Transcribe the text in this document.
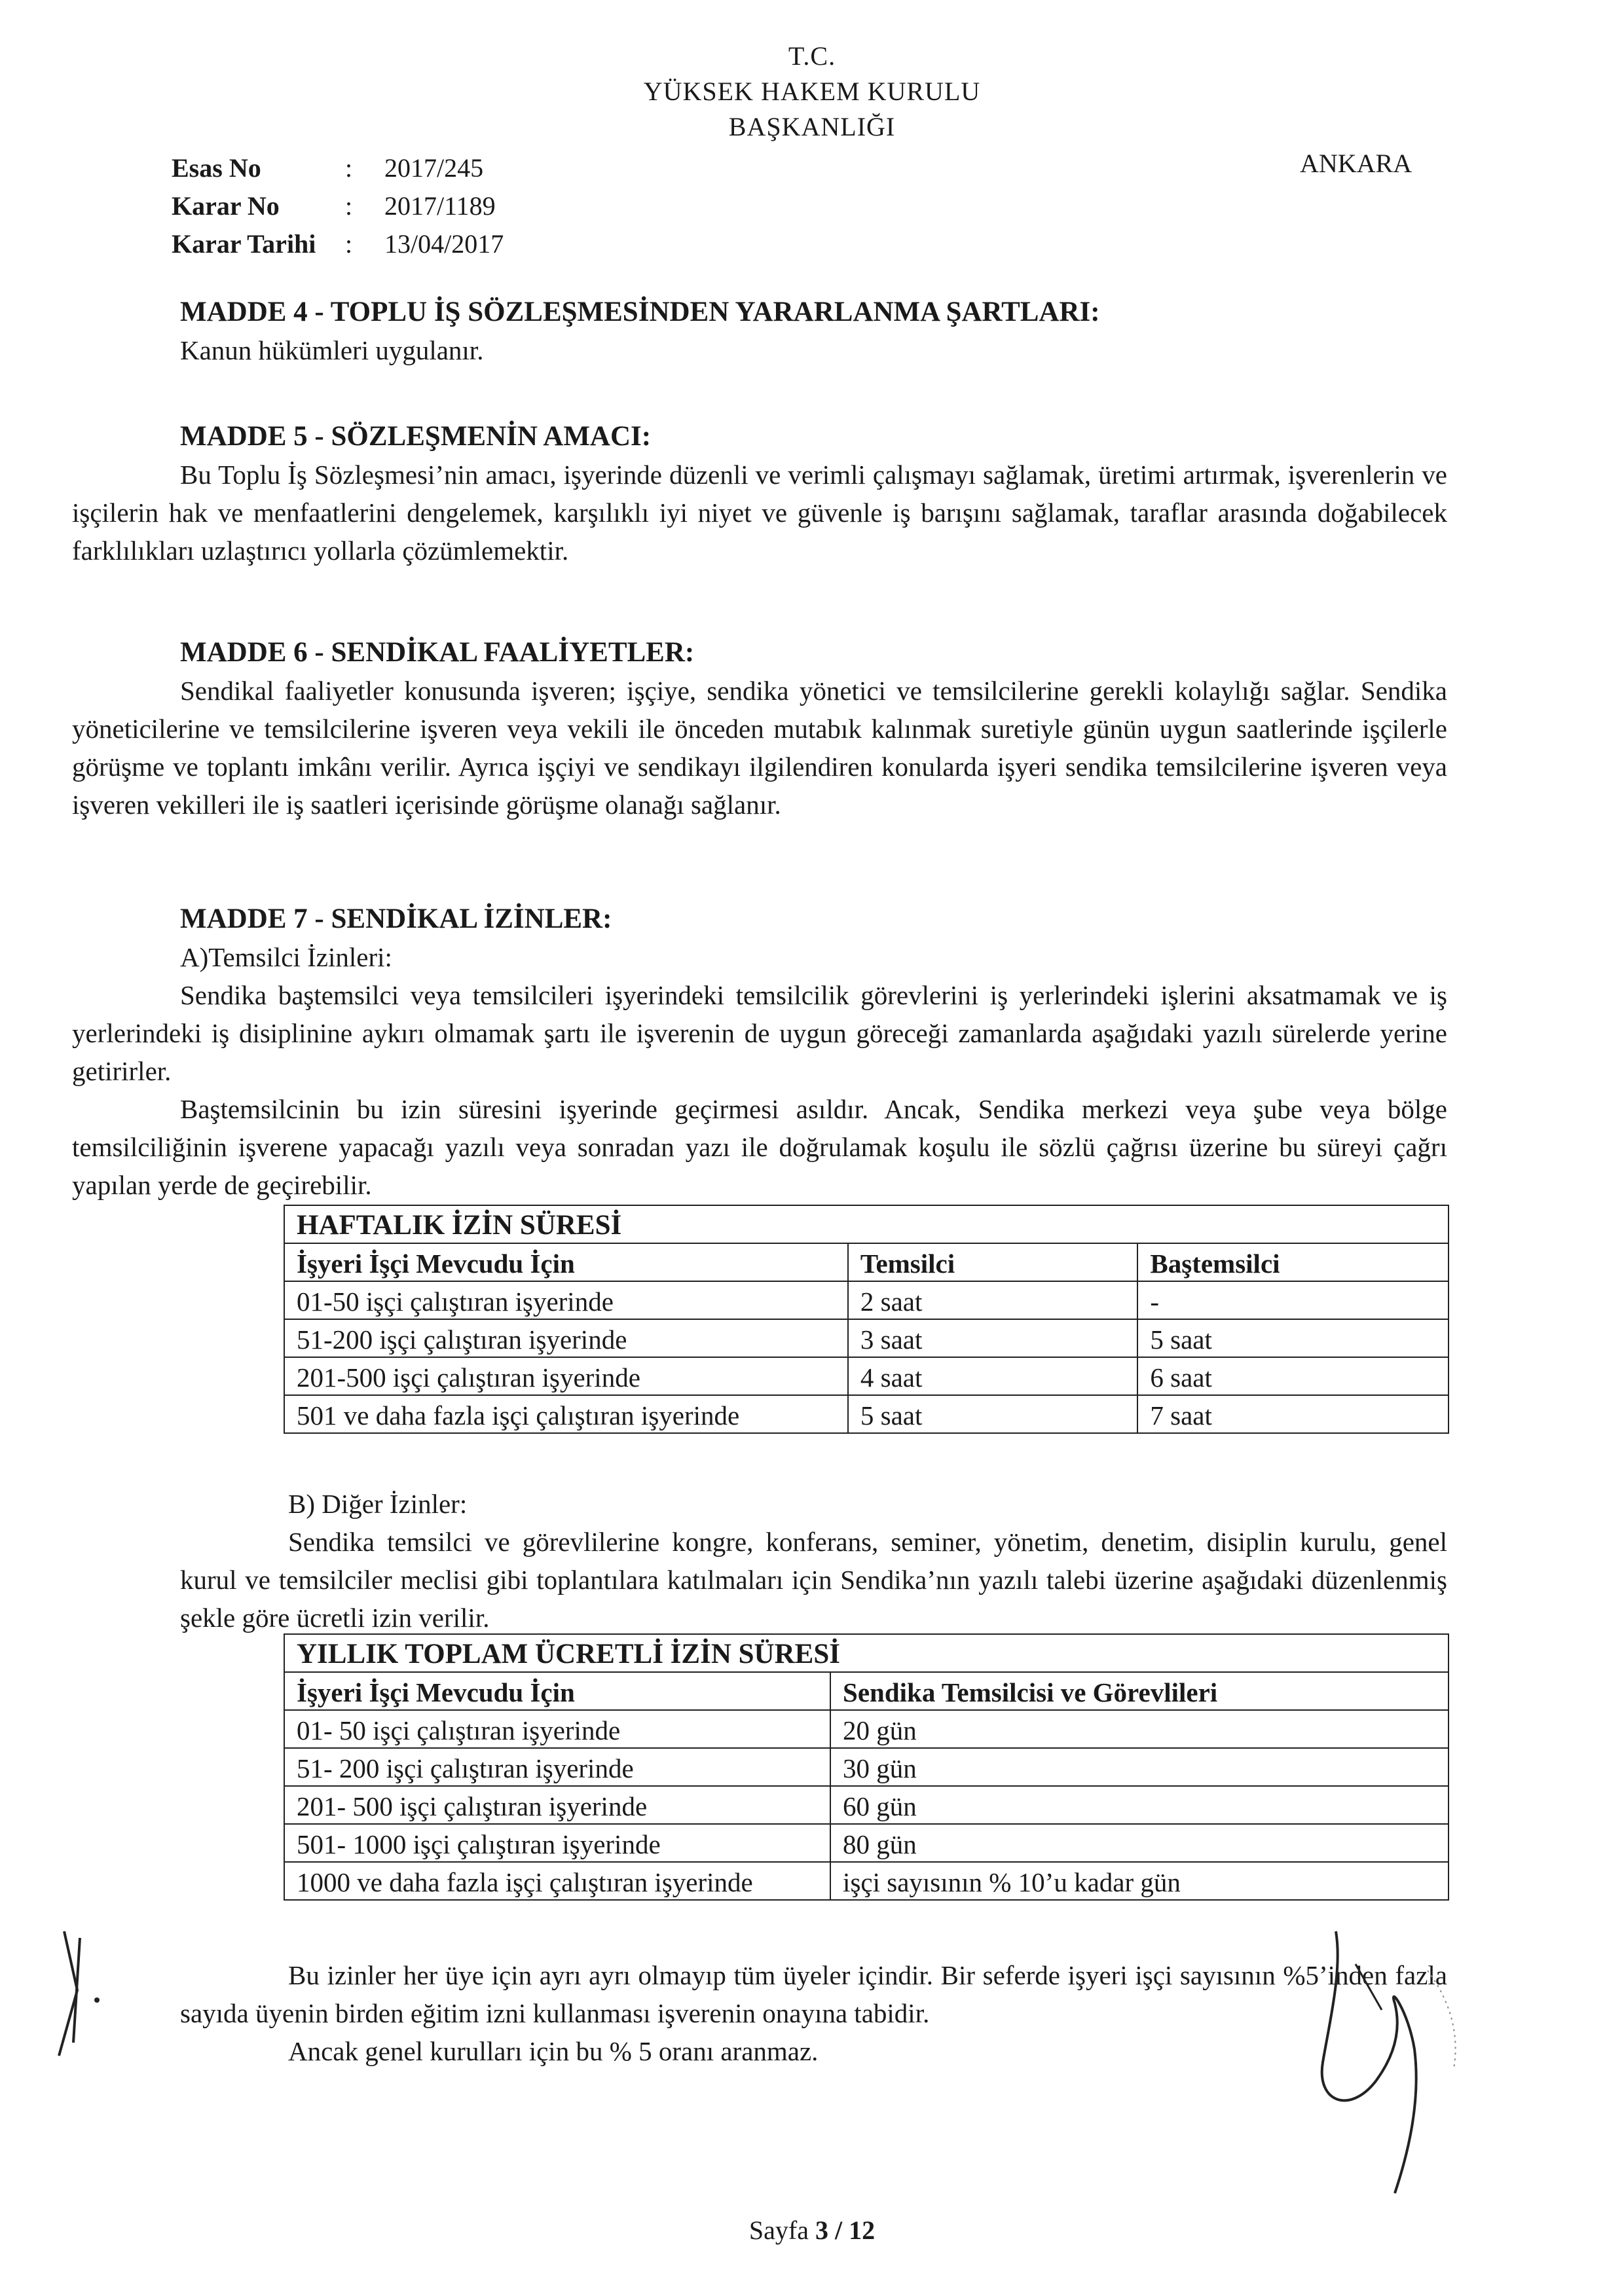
T.C.
YÜKSEK HAKEM KURULU
BAŞKANLIĞI
ANKARA
Esas No	:	2017/245
Karar No	:	2017/1189
Karar Tarihi	:	13/04/2017
MADDE 4 - TOPLU İŞ SÖZLEŞMESİNDEN YARARLANMA ŞARTLARI:
Kanun hükümleri uygulanır.
MADDE 5 - SÖZLEŞMENİN AMACI:
Bu Toplu İş Sözleşmesi’nin amacı, işyerinde düzenli ve verimli çalışmayı sağlamak, üretimi artırmak, işverenlerin ve işçilerin hak ve menfaatlerini dengelemek, karşılıklı iyi niyet ve güvenle iş barışını sağlamak, taraflar arasında doğabilecek farklılıkları uzlaştırıcı yollarla çözümlemektir.
MADDE 6 - SENDİKAL FAALİYETLER:
Sendikal faaliyetler konusunda işveren; işçiye, sendika yönetici ve temsilcilerine gerekli kolaylığı sağlar. Sendika yöneticilerine ve temsilcilerine işveren veya vekili ile önceden mutabık kalınmak suretiyle günün uygun saatlerinde işçilerle görüşme ve toplantı imkânı verilir. Ayrıca işçiyi ve sendikayı ilgilendiren konularda işyeri sendika temsilcilerine işveren veya işveren vekilleri ile iş saatleri içerisinde görüşme olanağı sağlanır.
MADDE 7 - SENDİKAL İZİNLER:
A)Temsilci İzinleri:
Sendika baştemsilci veya temsilcileri işyerindeki temsilcilik görevlerini iş yerlerindeki işlerini aksatmamak ve iş yerlerindeki iş disiplinine aykırı olmamak şartı ile işverenin de uygun göreceği zamanlarda aşağıdaki yazılı sürelerde yerine getirirler.
Baştemsilcinin bu izin süresini işyerinde geçirmesi asıldır. Ancak, Sendika merkezi veya şube veya bölge temsilciliğinin işverene yapacağı yazılı veya sonradan yazı ile doğrulamak koşulu ile sözlü çağrısı üzerine bu süreyi çağrı yapılan yerde de geçirebilir.
HAFTALIK İZİN SÜRESİ		
İşyeri İşçi Mevcudu İçin	Temsilci	Baştemsilci
01-50 işçi çalıştıran işyerinde	2 saat	-
51-200 işçi çalıştıran işyerinde	3 saat	5 saat
201-500 işçi çalıştıran işyerinde	4 saat	6 saat
501 ve daha fazla işçi çalıştıran işyerinde	5 saat	7 saat
B) Diğer İzinler:
Sendika temsilci ve görevlilerine kongre, konferans, seminer, yönetim, denetim, disiplin kurulu, genel kurul ve temsilciler meclisi gibi toplantılara katılmaları için Sendika’nın yazılı talebi üzerine aşağıdaki düzenlenmiş şekle göre ücretli izin verilir.
YILLIK TOPLAM ÜCRETLİ İZİN SÜRESİ	
İşyeri İşçi Mevcudu İçin	Sendika Temsilcisi ve Görevlileri
01- 50 işçi çalıştıran işyerinde	20 gün
51- 200 işçi çalıştıran işyerinde	30 gün
201- 500 işçi çalıştıran işyerinde	60 gün
501- 1000 işçi çalıştıran işyerinde	80 gün
1000 ve daha fazla işçi çalıştıran işyerinde	işçi sayısının % 10’u kadar gün
Bu izinler her üye için ayrı ayrı olmayıp tüm üyeler içindir. Bir seferde işyeri işçi sayısının %5’inden fazla sayıda üyenin birden eğitim izni kullanması işverenin onayına tabidir.
Ancak genel kurulları için bu % 5 oranı aranmaz.
Sayfa 3 / 12
